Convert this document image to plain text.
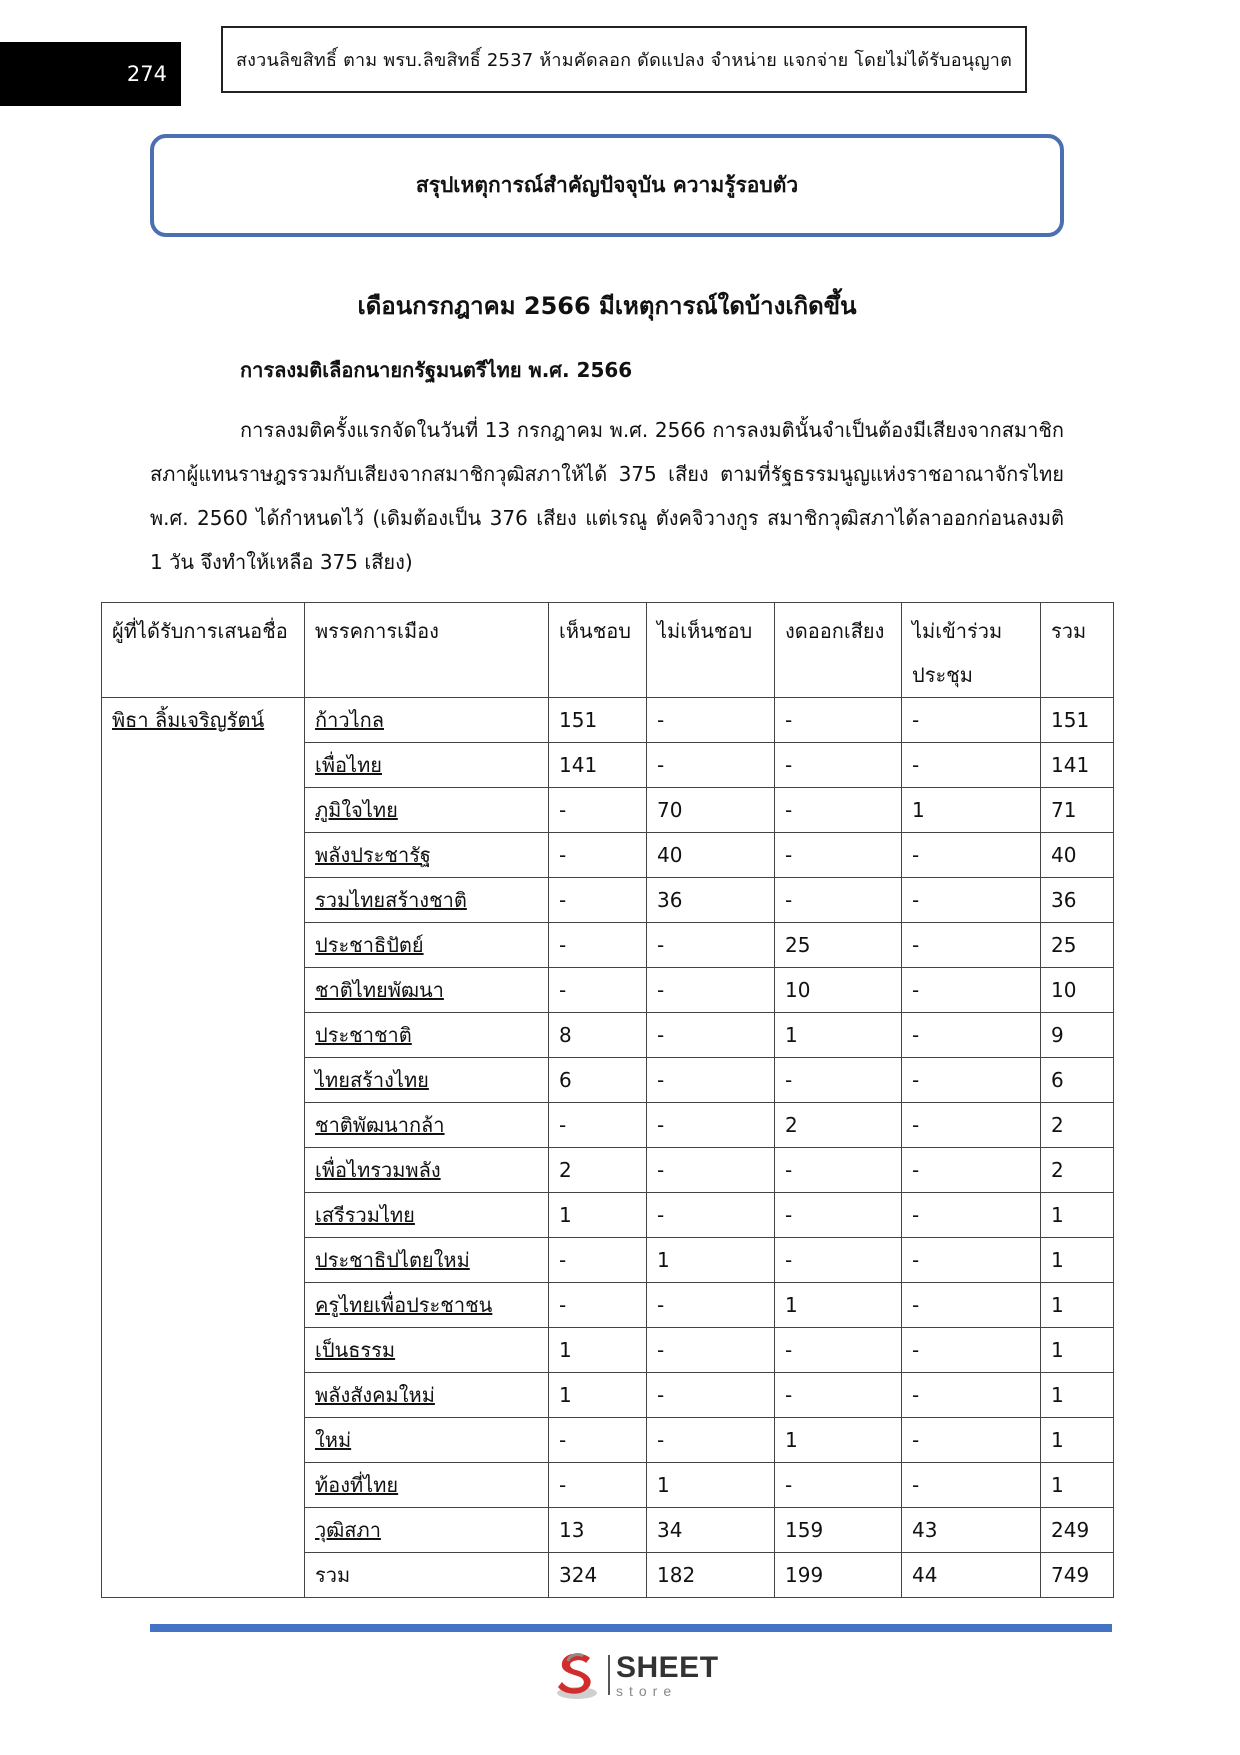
274
สงวนลิขสิทธิ์ ตาม พรบ.ลิขสิทธิ์ 2537 ห้ามคัดลอก ดัดแปลง จำหน่าย แจกจ่าย โดยไม่ได้รับอนุญาต
สรุปเหตุการณ์สำคัญปัจจุบัน ความรู้รอบตัว
เดือนกรกฎาคม 2566 มีเหตุการณ์ใดบ้างเกิดขึ้น
การลงมติเลือกนายกรัฐมนตรีไทย พ.ศ. 2566

การลงมติครั้งแรกจัดในวันที่ 13 กรกฎาคม พ.ศ. 2566 การลงมตินั้นจำเป็นต้องมีเสียงจากสมาชิกสภาผู้แทนราษฎรรวมกับเสียงจากสมาชิกวุฒิสภาให้ได้ 375 เสียง ตามที่รัฐธรรมนูญแห่งราชอาณาจักรไทย พ.ศ. 2560 ได้กำหนดไว้ (เดิมต้องเป็น 376 เสียง แต่เรณู ตังคจิวางกูร สมาชิกวุฒิสภาได้ลาออกก่อนลงมติ 1 วัน จึงทำให้เหลือ 375 เสียง)

ผู้ที่ได้รับการเสนอชื่อ	พรรคการเมือง	เห็นชอบ	ไม่เห็นชอบ	งดออกเสียง	ไม่เข้าร่วมประชุม	รวม
พิธา ลิ้มเจริญรัตน์	ก้าวไกล	151	-	-	-	151
	เพื่อไทย	141	-	-	-	141
	ภูมิใจไทย	-	70	-	1	71
	พลังประชารัฐ	-	40	-	-	40
	รวมไทยสร้างชาติ	-	36	-	-	36
	ประชาธิปัตย์	-	-	25	-	25
	ชาติไทยพัฒนา	-	-	10	-	10
	ประชาชาติ	8	-	1	-	9
	ไทยสร้างไทย	6	-	-	-	6
	ชาติพัฒนากล้า	-	-	2	-	2
	เพื่อไทรวมพลัง	2	-	-	-	2
	เสรีรวมไทย	1	-	-	-	1
	ประชาธิปไตยใหม่	-	1	-	-	1
	ครูไทยเพื่อประชาชน	-	-	1	-	1
	เป็นธรรม	1	-	-	-	1
	พลังสังคมใหม่	1	-	-	-	1
	ใหม่	-	-	1	-	1
	ท้องที่ไทย	-	1	-	-	1
	วุฒิสภา	13	34	159	43	249
	รวม	324	182	199	44	749
SHEET
store
